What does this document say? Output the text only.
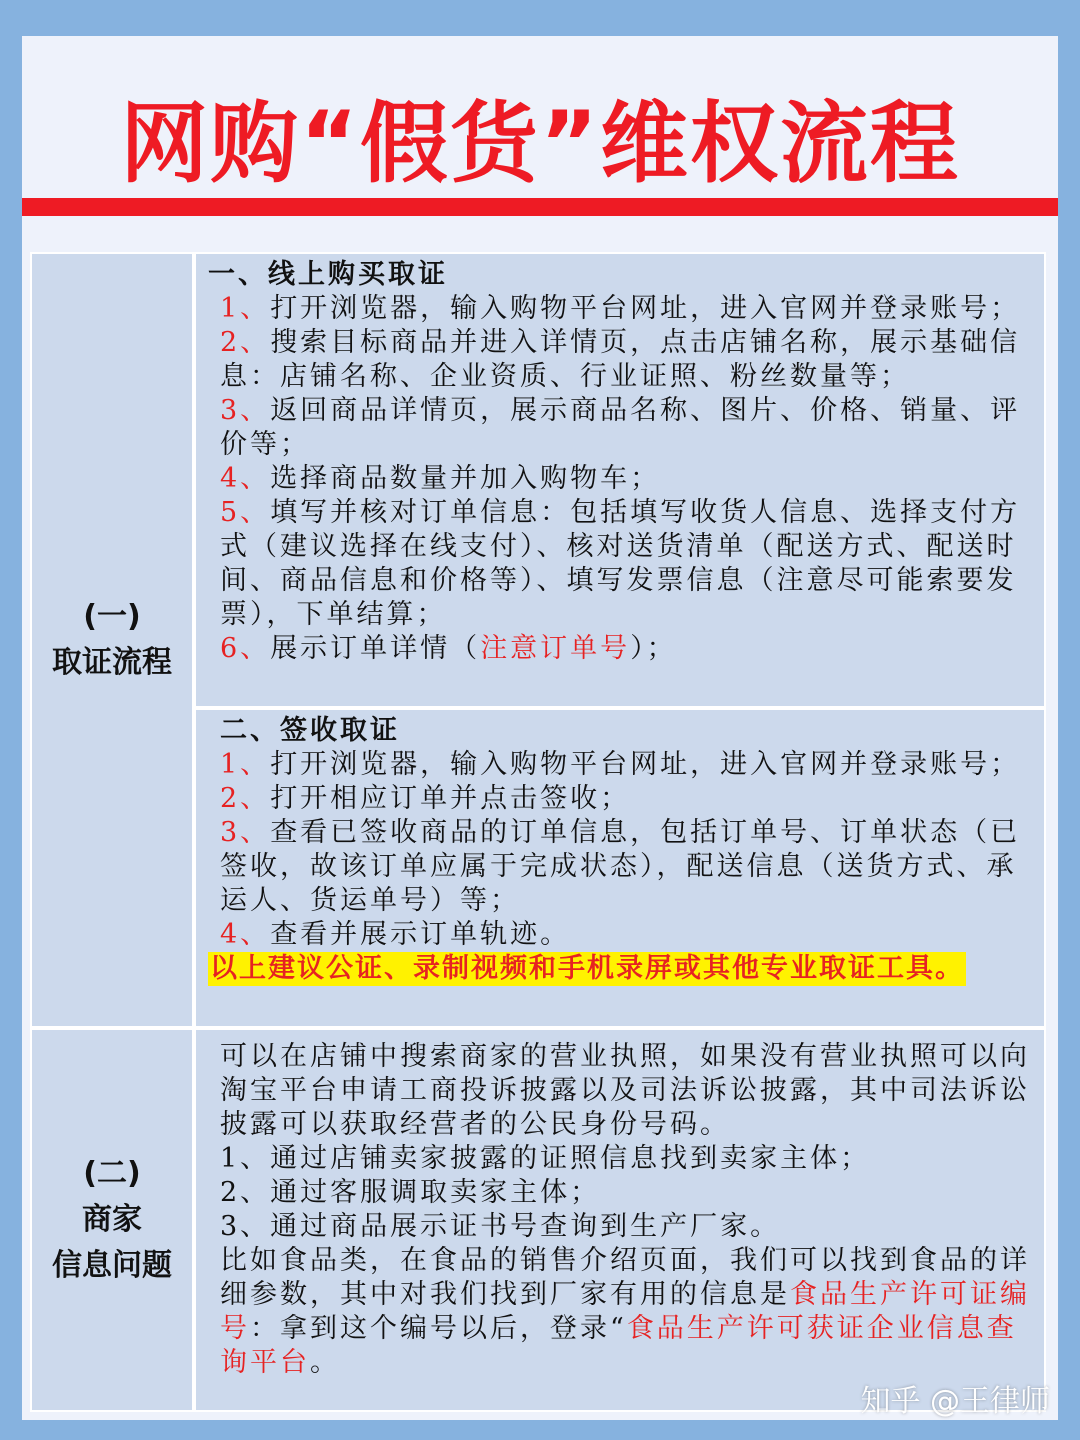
网购“假货”维权流程
(一)
取证流程
一、线上购买取证
1、打开浏览器，输入购物平台网址，进入官网并登录账号；
2、搜索目标商品并进入详情页，点击店铺名称，展示基础信息：店铺名称、企业资质、行业证照、粉丝数量等；
3、返回商品详情页，展示商品名称、图片、价格、销量、评价等；
4、选择商品数量并加入购物车；
5、填写并核对订单信息：包括填写收货人信息、选择支付方式（建议选择在线支付）、核对送货清单（配送方式、配送时间、商品信息和价格等）、填写发票信息（注意尽可能索要发票），下单结算；
6、展示订单详情（注意订单号）；
二、签收取证
1、打开浏览器，输入购物平台网址，进入官网并登录账号；
2、打开相应订单并点击签收；
3、查看已签收商品的订单信息，包括订单号、订单状态（已签收，故该订单应属于完成状态），配送信息（送货方式、承运人、货运单号）等；
4、查看并展示订单轨迹。
以上建议公证、录制视频和手机录屏或其他专业取证工具。
(二)
商家
信息问题
可以在店铺中搜索商家的营业执照，如果没有营业执照可以向淘宝平台申请工商投诉披露以及司法诉讼披露，其中司法诉讼披露可以获取经营者的公民身份号码。
1、通过店铺卖家披露的证照信息找到卖家主体；
2、通过客服调取卖家主体；
3、通过商品展示证书号查询到生产厂家。
比如食品类，在食品的销售介绍页面，我们可以找到食品的详细参数，其中对我们找到厂家有用的信息是食品生产许可证编号：拿到这个编号以后，登录“食品生产许可获证企业信息查询平台。
知乎 @王律师
